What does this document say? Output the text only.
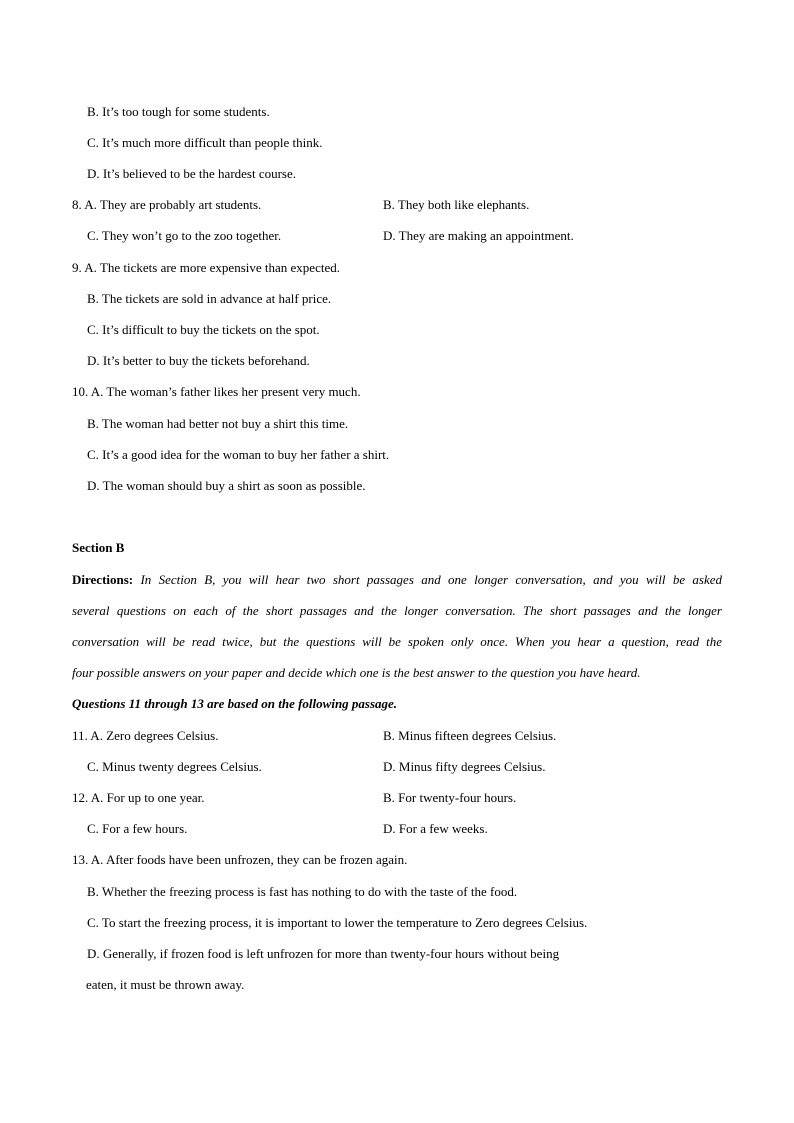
B. It’s too tough for some students.
C. It’s much more difficult than people think.
D. It’s believed to be the hardest course.
8. A. They are probably art students.	B. They both like elephants.
C. They won’t go to the zoo together.	D. They are making an appointment.
9. A. The tickets are more expensive than expected.
B. The tickets are sold in advance at half price.
C. It’s difficult to buy the tickets on the spot.
D. It’s better to buy the tickets beforehand.
10. A. The woman’s father likes her present very much.
B. The woman had better not buy a shirt this time.
C. It’s a good idea for the woman to buy her father a shirt.
D. The woman should buy a shirt as soon as possible.
Section B
Directions: In Section B, you will hear two short passages and one longer conversation, and you will be asked
several questions on each of the short passages and the longer conversation. The short passages and the longer
conversation will be read twice, but the questions will be spoken only once. When you hear a question, read the
four possible answers on your paper and decide which one is the best answer to the question you have heard.
Questions 11 through 13 are based on the following passage.
11. A. Zero degrees Celsius.	B. Minus fifteen degrees Celsius.
C. Minus twenty degrees Celsius.	D. Minus fifty degrees Celsius.
12. A. For up to one year.	B. For twenty-four hours.
C. For a few hours.	D. For a few weeks.
13. A. After foods have been unfrozen, they can be frozen again.
B. Whether the freezing process is fast has nothing to do with the taste of the food.
C. To start the freezing process, it is important to lower the temperature to Zero degrees Celsius.
D. Generally, if frozen food is left unfrozen for more than twenty-four hours without being
eaten, it must be thrown away.
